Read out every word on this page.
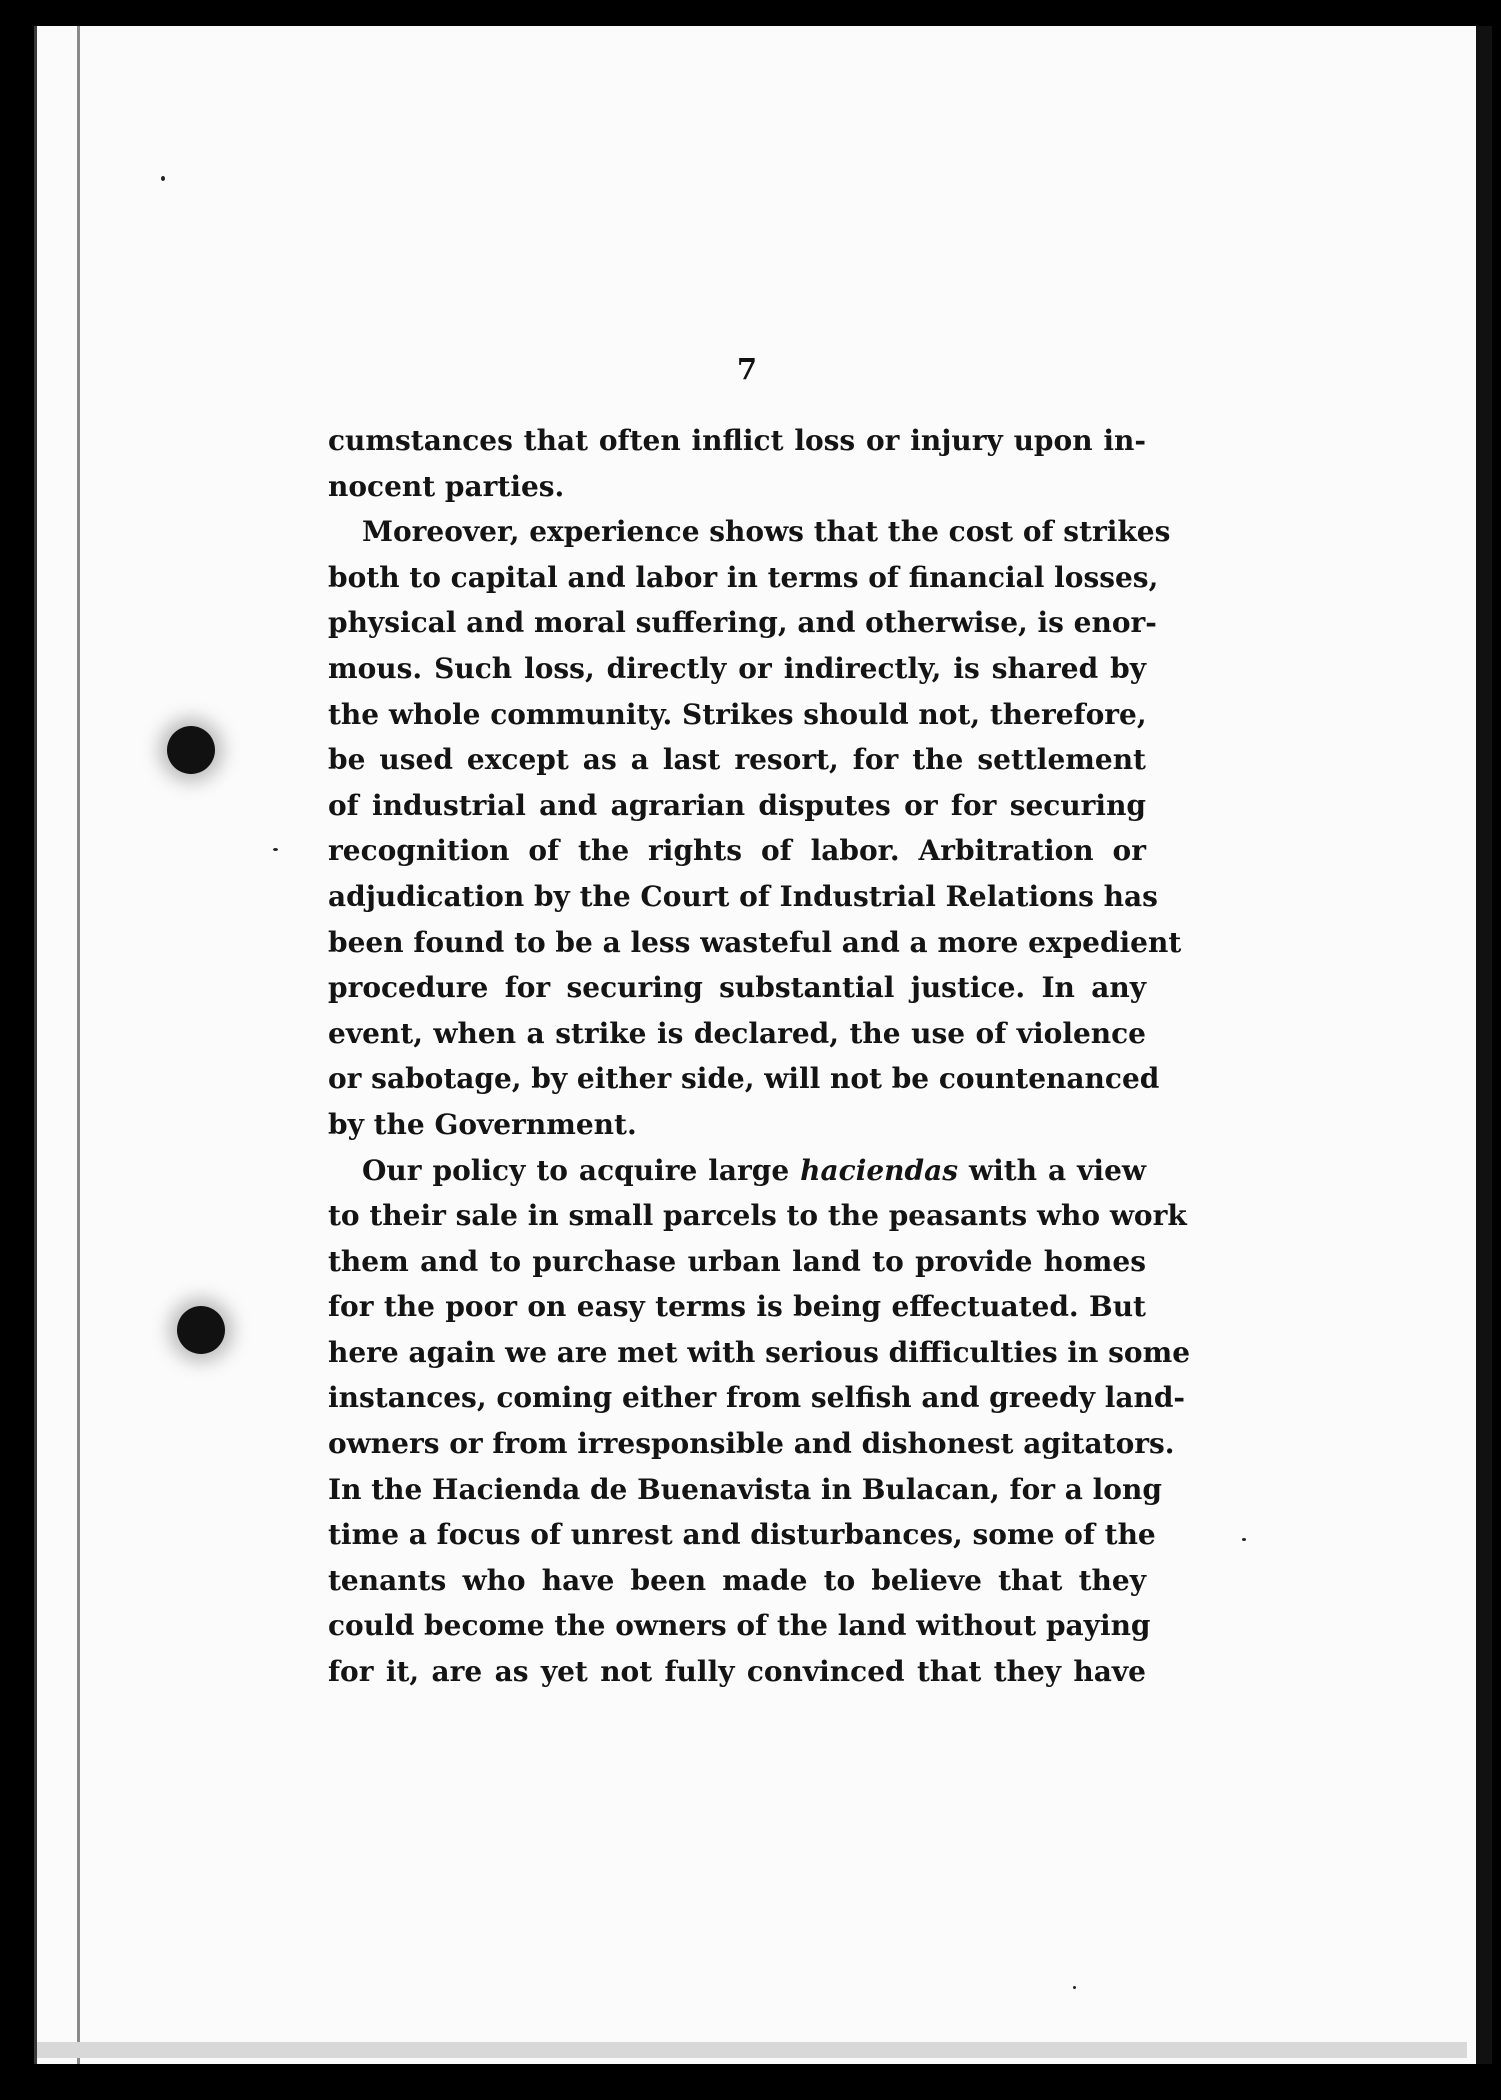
7

cumstances that often inflict loss or injury upon in-
nocent parties.

Moreover, experience shows that the cost of strikes
both to capital and labor in terms of financial losses,
physical and moral suffering, and otherwise, is enor-
mous. Such loss, directly or indirectly, is shared by
the whole community. Strikes should not, therefore,
be used except as a last resort, for the settlement
of industrial and agrarian disputes or for securing
recognition of the rights of labor. Arbitration or
adjudication by the Court of Industrial Relations has
been found to be a less wasteful and a more expedient
procedure for securing substantial justice. In any
event, when a strike is declared, the use of violence
or sabotage, by either side, will not be countenanced
by the Government.

Our policy to acquire large haciendas with a view
to their sale in small parcels to the peasants who work
them and to purchase urban land to provide homes
for the poor on easy terms is being effectuated. But
here again we are met with serious difficulties in some
instances, coming either from selfish and greedy land-
owners or from irresponsible and dishonest agitators.
In the Hacienda de Buenavista in Bulacan, for a long
time a focus of unrest and disturbances, some of the
tenants who have been made to believe that they
could become the owners of the land without paying
for it, are as yet not fully convinced that they have
